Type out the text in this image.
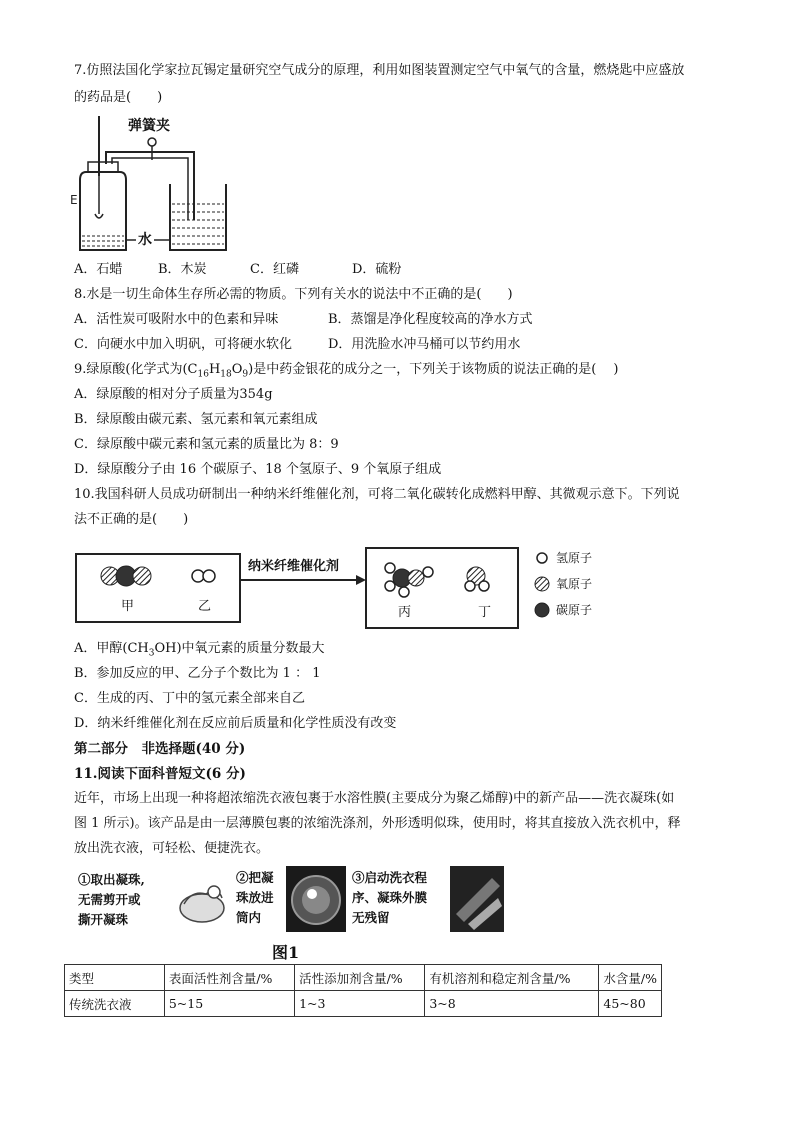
7.仿照法国化学家拉瓦锡定量研究空气成分的原理，利用如图装置测定空气中氧气的含量，燃烧匙中应盛放
的药品是(　　)
E
弹簧夹
水
A．石蜡	B．木炭	C．红磷	D．硫粉
8.水是一切生命体生存所必需的物质。下列有关水的说法中不正确的是(　　)
A．活性炭可吸附水中的色素和异味	B．蒸馏是净化程度较高的净水方式
C．向硬水中加入明矾，可将硬水软化	D．用洗脸水冲马桶可以节约用水
9.绿原酸(化学式为$(C_{16}H_{18}O_9)$是中药金银花的成分之一，下列关于该物质的说法正确的是(　 )
A．绿原酸的相对分子质量为354g
B．绿原酸由碳元素、氢元素和氧元素组成
C．绿原酸中碳元素和氢元素的质量比为 8：9
D．绿原酸分子由 16 个碳原子、18 个氢原子、9 个氧原子组成
10.我国科研人员成功研制出一种纳米纤维催化剂，可将二氧化碳转化成燃料甲醇、其微观示意下。下列说
法不正确的是(　　)
甲	乙
纳米纤维催化剂
丙	丁
氢原子
氧原子
碳原子
A．甲醇$(CH_3OH)$中氧元素的质量分数最大
B．参加反应的甲、乙分子个数比为 1 ： 1
C．生成的丙、丁中的氢元素全部来自乙
D．纳米纤维催化剂在反应前后质量和化学性质没有改变
第二部分　非选择题(40 分)
11.阅读下面科普短文(6 分)
近年，市场上出现一种将超浓缩洗衣液包裹于水溶性膜(主要成分为聚乙烯醇)中的新产品——洗衣凝珠(如
图 1 所示)。该产品是由一层薄膜包裹的浓缩洗涤剂，外形透明似珠，使用时，将其直接放入洗衣机中，释
放出洗衣液，可轻松、便捷洗衣。
①取出凝珠,
无需剪开或
撕开凝珠
②把凝
珠放进
筒内
③启动洗衣程
序、凝珠外膜
无残留
图1
类型	表面活性剂含量/%	活性添加剂含量/%	有机溶剂和稳定剂含量/%	水含量/%
传统洗衣液	5~15	1~3	3~8	45~80
